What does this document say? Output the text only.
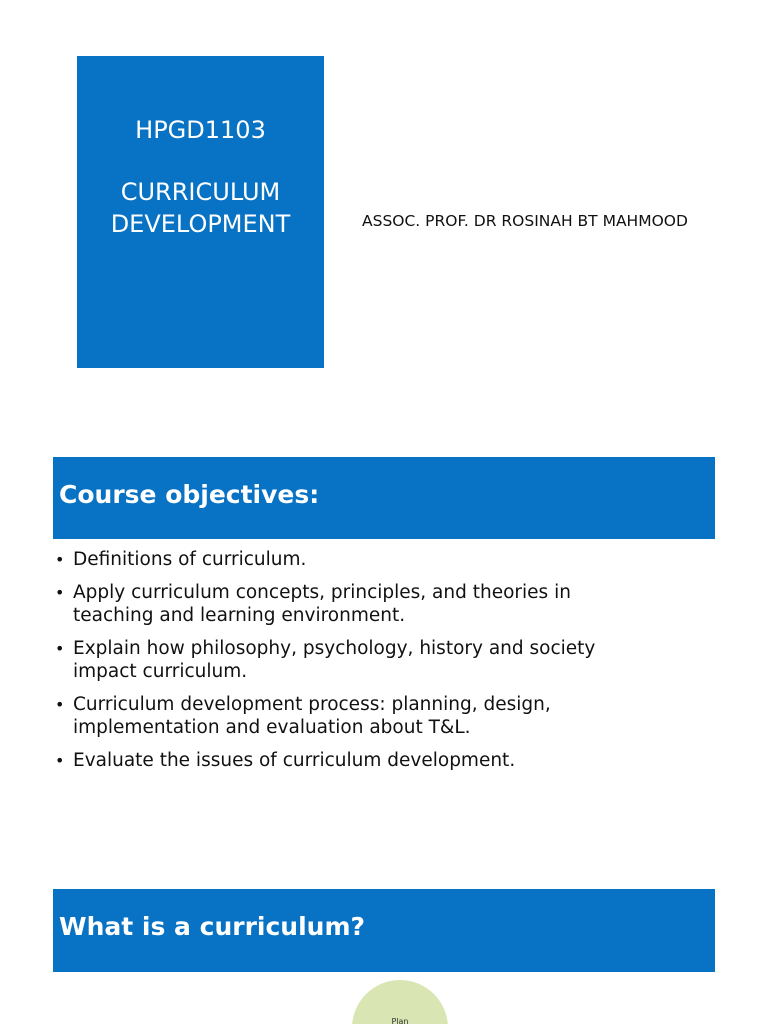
HPGD1103
CURRICULUM
DEVELOPMENT	ASSOC. PROF. DR ROSINAH BT MAHMOOD
Course objectives:
• Definitions of curriculum.
• Apply curriculum concepts, principles, and theories in
teaching and learning environment.
• Explain how philosophy, psychology, history and society
impact curriculum.
• Curriculum development process: planning, design,
implementation and evaluation about T&L.
• Evaluate the issues of curriculum development.
What is a curriculum?
Plan
